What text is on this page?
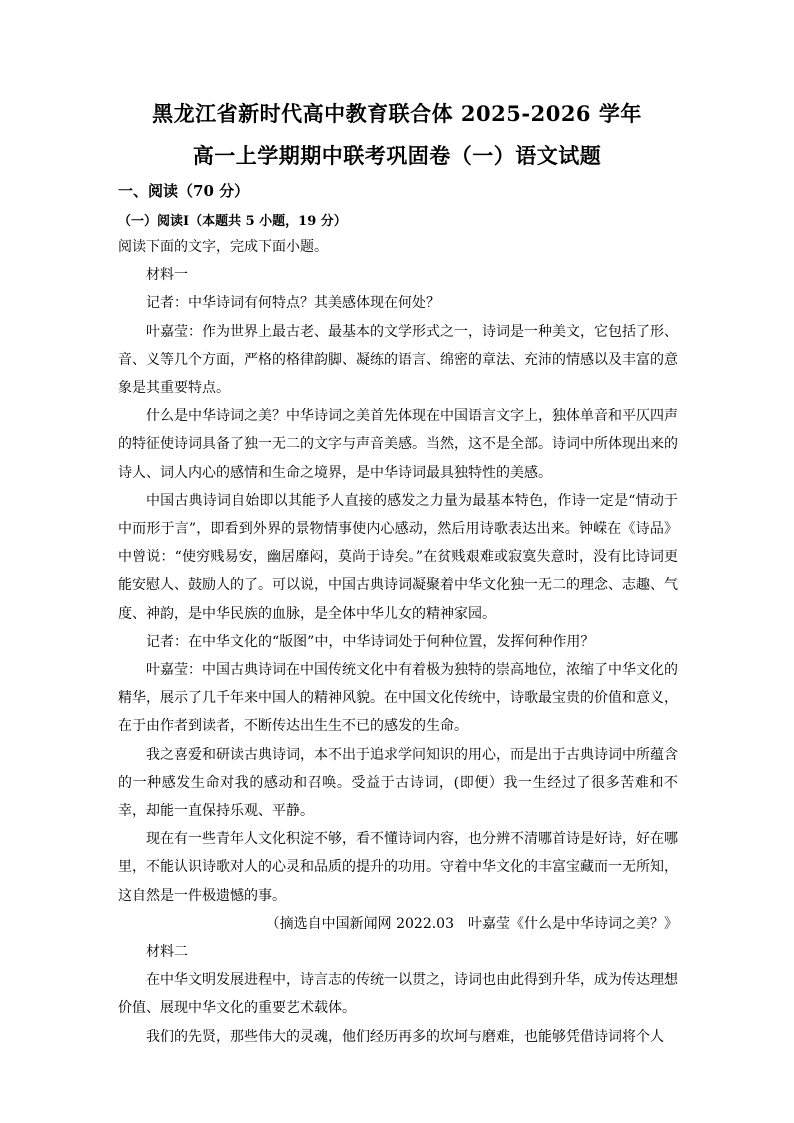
黑龙江省新时代高中教育联合体 2025-2026 学年
高一上学期期中联考巩固卷（一）语文试题
一、阅读（70 分）
（一）阅读Ⅰ（本题共 5 小题，19 分）

阅读下面的文字，完成下面小题。

材料一

记者：中华诗词有何特点？其美感体现在何处？

叶嘉莹：作为世界上最古老、最基本的文学形式之一，诗词是一种美文，它包括了形、音、义等几个方面，严格的格律韵脚、凝练的语言、绵密的章法、充沛的情感以及丰富的意象是其重要特点。

什么是中华诗词之美？中华诗词之美首先体现在中国语言文字上，独体单音和平仄四声的特征使诗词具备了独一无二的文字与声音美感。当然，这不是全部。诗词中所体现出来的诗人、词人内心的感情和生命之境界，是中华诗词最具独特性的美感。

中国古典诗词自始即以其能予人直接的感发之力量为最基本特色，作诗一定是“情动于中而形于言”，即看到外界的景物情事使内心感动，然后用诗歌表达出来。钟嵘在《诗品》中曾说：“使穷贱易安，幽居靡闷，莫尚于诗矣。”在贫贱艰难或寂寞失意时，没有比诗词更能安慰人、鼓励人的了。可以说，中国古典诗词凝聚着中华文化独一无二的理念、志趣、气度、神韵，是中华民族的血脉，是全体中华儿女的精神家园。

记者：在中华文化的“版图”中，中华诗词处于何种位置，发挥何种作用？

叶嘉莹：中国古典诗词在中国传统文化中有着极为独特的崇高地位，浓缩了中华文化的精华，展示了几千年来中国人的精神风貌。在中国文化传统中，诗歌最宝贵的价值和意义，在于由作者到读者，不断传达出生生不已的感发的生命。

我之喜爱和研读古典诗词，本不出于追求学问知识的用心，而是出于古典诗词中所蕴含的一种感发生命对我的感动和召唤。受益于古诗词，(即便）我一生经过了很多苦难和不幸，却能一直保持乐观、平静。

现在有一些青年人文化积淀不够，看不懂诗词内容，也分辨不清哪首诗是好诗，好在哪里，不能认识诗歌对人的心灵和品质的提升的功用。守着中华文化的丰富宝藏而一无所知，这自然是一件极遗憾的事。

（摘选自中国新闻网 2022.03　叶嘉莹《什么是中华诗词之美？》

材料二

在中华文明发展进程中，诗言志的传统一以贯之，诗词也由此得到升华，成为传达理想价值、展现中华文化的重要艺术载体。

我们的先贤，那些伟大的灵魂，他们经历再多的坎坷与磨难，也能够凭借诗词将个人
